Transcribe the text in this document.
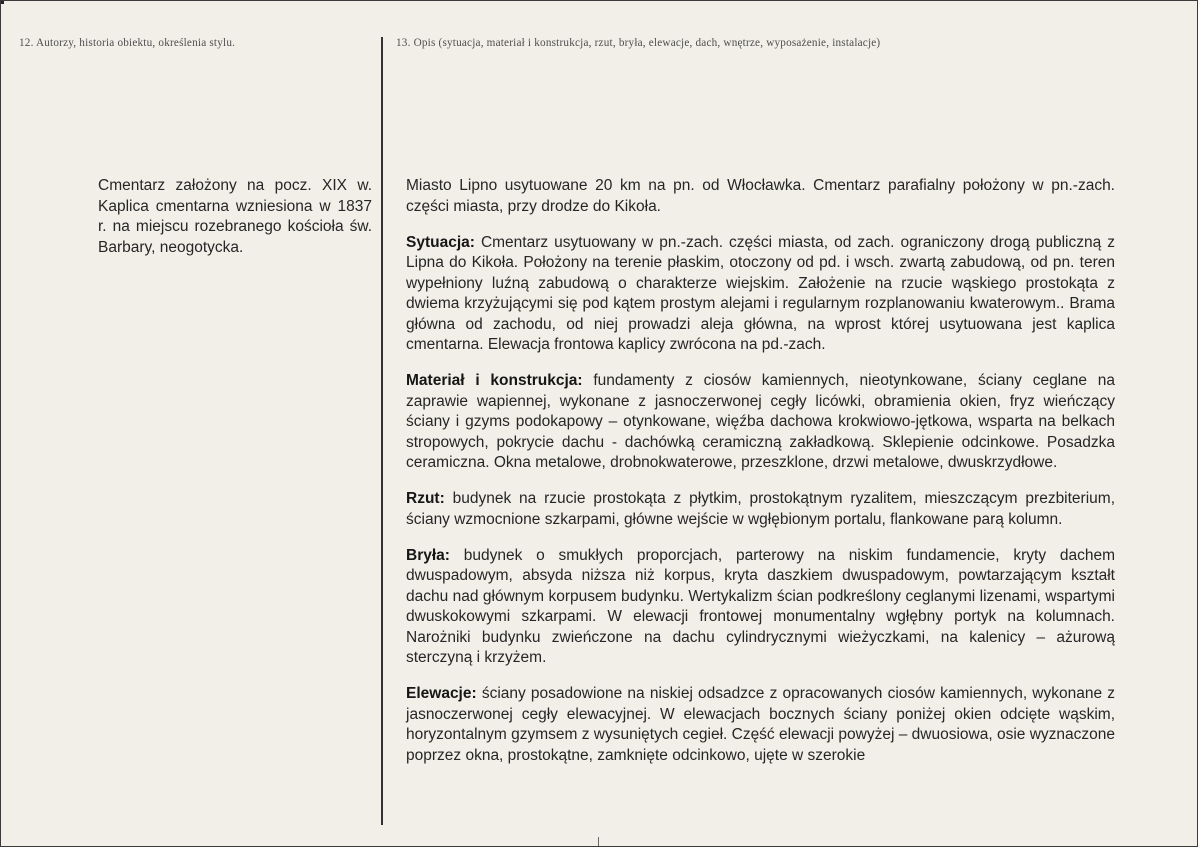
12. Autorzy, historia obiektu, określenia stylu.	13. Opis (sytuacja, materiał i konstrukcja, rzut, bryła, elewacje, dach, wnętrze, wyposażenie, instalacje)

Cmentarz założony na pocz. XIX w. Kaplica cmentarna wzniesiona w 1837 r. na miejscu rozebranego kościoła św. Barbary, neogotycka.

Miasto Lipno usytuowane 20 km na pn. od Włocławka. Cmentarz parafialny położony w pn.-zach. części miasta, przy drodze do Kikoła.

Sytuacja: Cmentarz usytuowany w pn.-zach. części miasta, od zach. ograniczony drogą publiczną z Lipna do Kikoła. Położony na terenie płaskim, otoczony od pd. i wsch. zwartą zabudową, od pn. teren wypełniony luźną zabudową o charakterze wiejskim. Założenie na rzucie wąskiego prostokąta z dwiema krzyżującymi się pod kątem prostym alejami i regularnym rozplanowaniu kwaterowym.. Brama główna od zachodu, od niej prowadzi aleja główna, na wprost której usytuowana jest kaplica cmentarna. Elewacja frontowa kaplicy zwrócona na pd.-zach.

Materiał i konstrukcja: fundamenty z ciosów kamiennych, nieotynkowane, ściany ceglane na zaprawie wapiennej, wykonane z jasnoczerwonej cegły licówki, obramienia okien, fryz wieńczący ściany i gzyms podokapowy – otynkowane, więźba dachowa krokwiowo-jętkowa, wsparta na belkach stropowych, pokrycie dachu - dachówką ceramiczną zakładkową. Sklepienie odcinkowe. Posadzka ceramiczna. Okna metalowe, drobnokwaterowe, przeszklone, drzwi metalowe, dwuskrzydłowe.

Rzut: budynek na rzucie prostokąta z płytkim, prostokątnym ryzalitem, mieszczącym prezbiterium, ściany wzmocnione szkarpami, główne wejście w wgłębionym portalu, flankowane parą kolumn.

Bryła: budynek o smukłych proporcjach, parterowy na niskim fundamencie, kryty dachem dwuspadowym, absyda niższa niż korpus, kryta daszkiem dwuspadowym, powtarzającym kształt dachu nad głównym korpusem budynku. Wertykalizm ścian podkreślony ceglanymi lizenami, wspartymi dwuskokowymi szkarpami. W elewacji frontowej monumentalny wgłębny portyk na kolumnach. Narożniki budynku zwieńczone na dachu cylindrycznymi wieżyczkami, na kalenicy – ażurową sterczyną i krzyżem.

Elewacje: ściany posadowione na niskiej odsadzce z opracowanych ciosów kamiennych, wykonane z jasnoczerwonej cegły elewacyjnej. W elewacjach bocznych ściany poniżej okien odcięte wąskim, horyzontalnym gzymsem z wysuniętych cegieł. Część elewacji powyżej – dwuosiowa, osie wyznaczone poprzez okna, prostokątne, zamknięte odcinkowo, ujęte w szerokie
